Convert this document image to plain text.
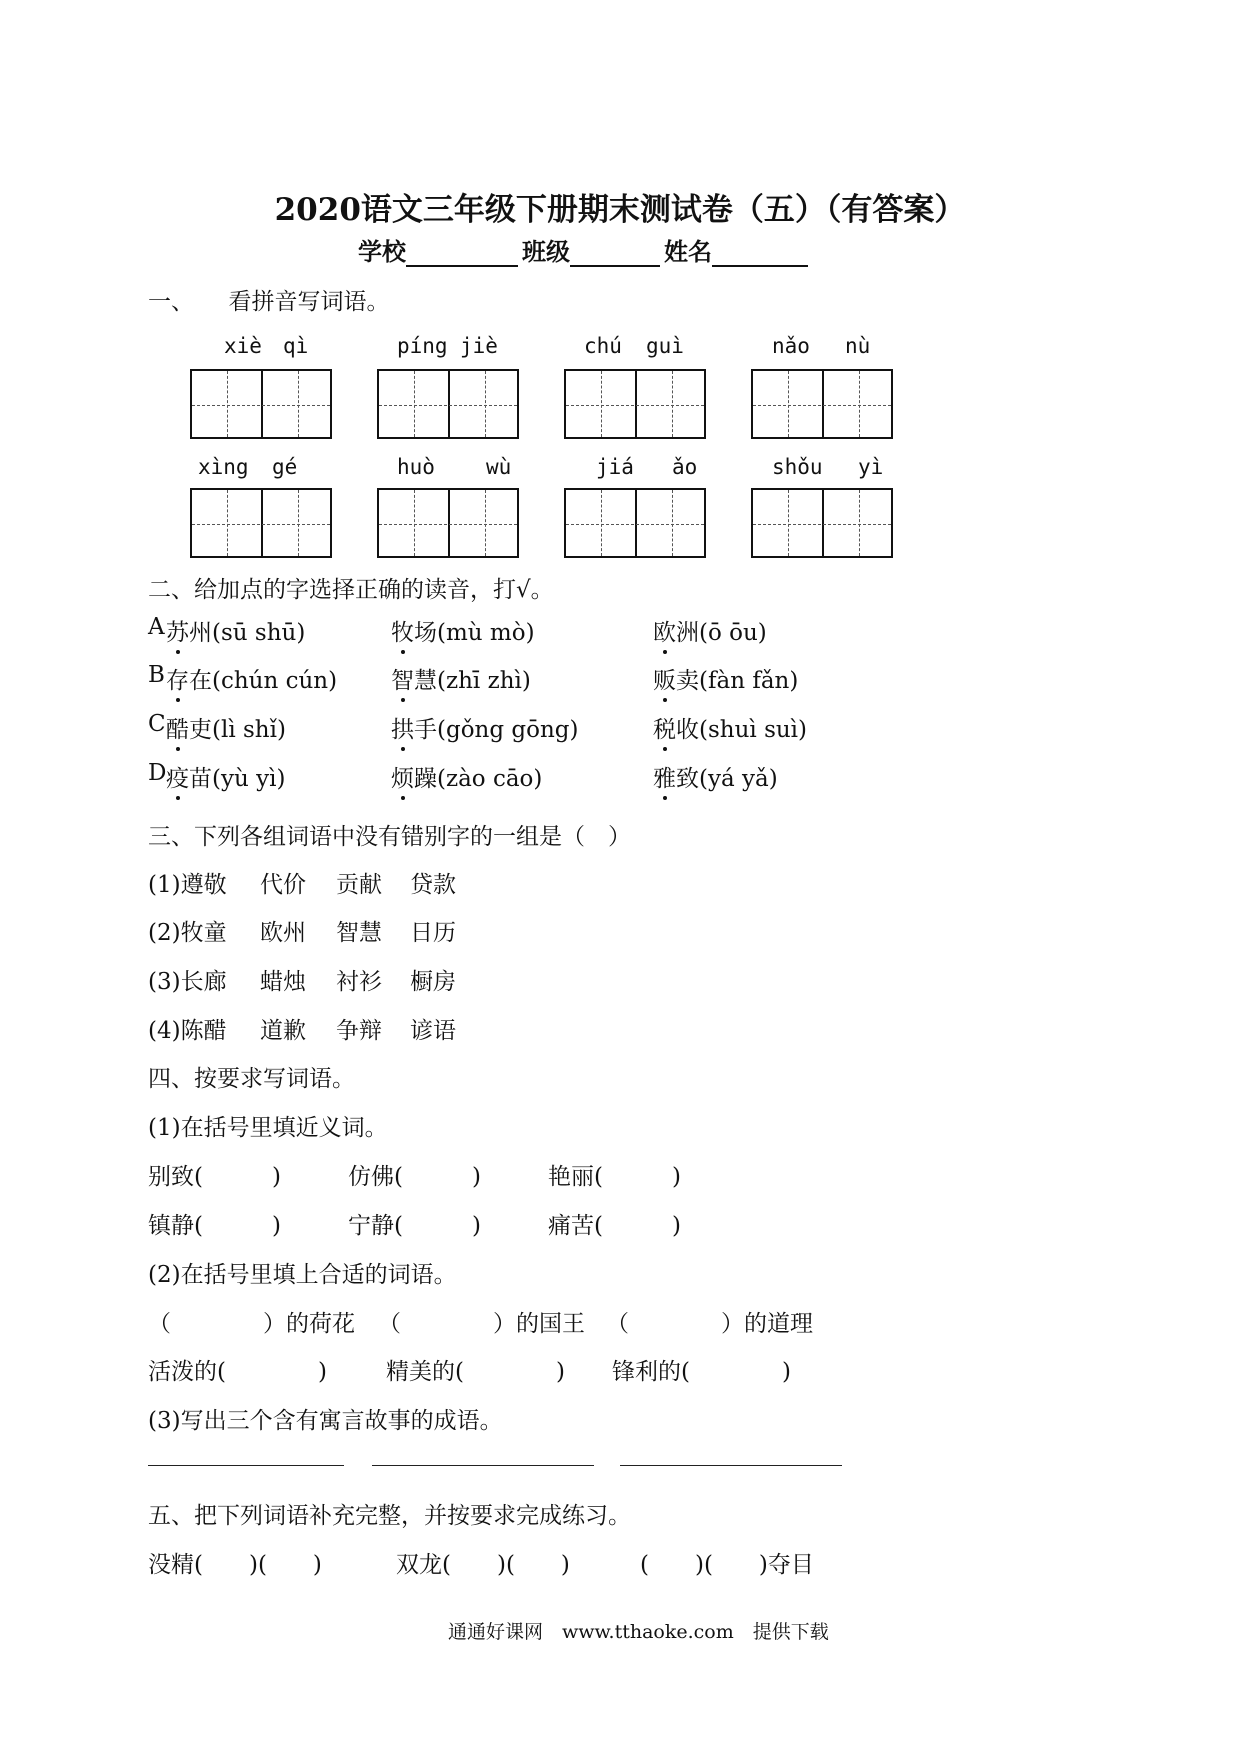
2020语文三年级下册期末测试卷（五）（有答案）
学校	班级	姓名
一、　　看拼音写词语。
xiè qì	píng jiè	chú guì	nǎo nù
xìng gé	huò wù	jiá ǎo	shǒu yì
二、给加点的字选择正确的读音，打√。
A 苏州(sū shū)	牧场(mù mò)	欧洲(ō ōu)
B 存在(chún cún) 智慧(zhī zhì)	贩卖(fàn fǎn)
C 酷吏(lì shǐ)	拱手(gǒng gōng)	税收(shuì suì)
D 疫苗(yù yì)	烦躁(zào cāo)	雅致(yá yǎ)
三、下列各组词语中没有错别字的一组是（　）
(1)遵敬 代价 贡献 贷款
(2)牧童 欧州 智慧 日历
(3)长廊 蜡烛 衬衫 橱房
(4)陈醋 道歉 争辩 谚语
四、按要求写词语。
(1)在括号里填近义词。
别致(　　　)	仿佛(　　　)	艳丽(　　　)
镇静(　　　)	宁静(　　　)	痛苦(　　　)
(2)在括号里填上合适的词语。
（　　　　）的荷花 （　　　　）的国王 （　　　　）的道理
活泼的(　　　　)	精美的(　　　　) 锋利的(　　　　)
(3)写出三个含有寓言故事的成语。
五、把下列词语补充完整，并按要求完成练习。
没精(　　)(　　)	双龙(　　)(　　)	(　　)(　　)夺目
通通好课网　www.tthaoke.com　提供下载
